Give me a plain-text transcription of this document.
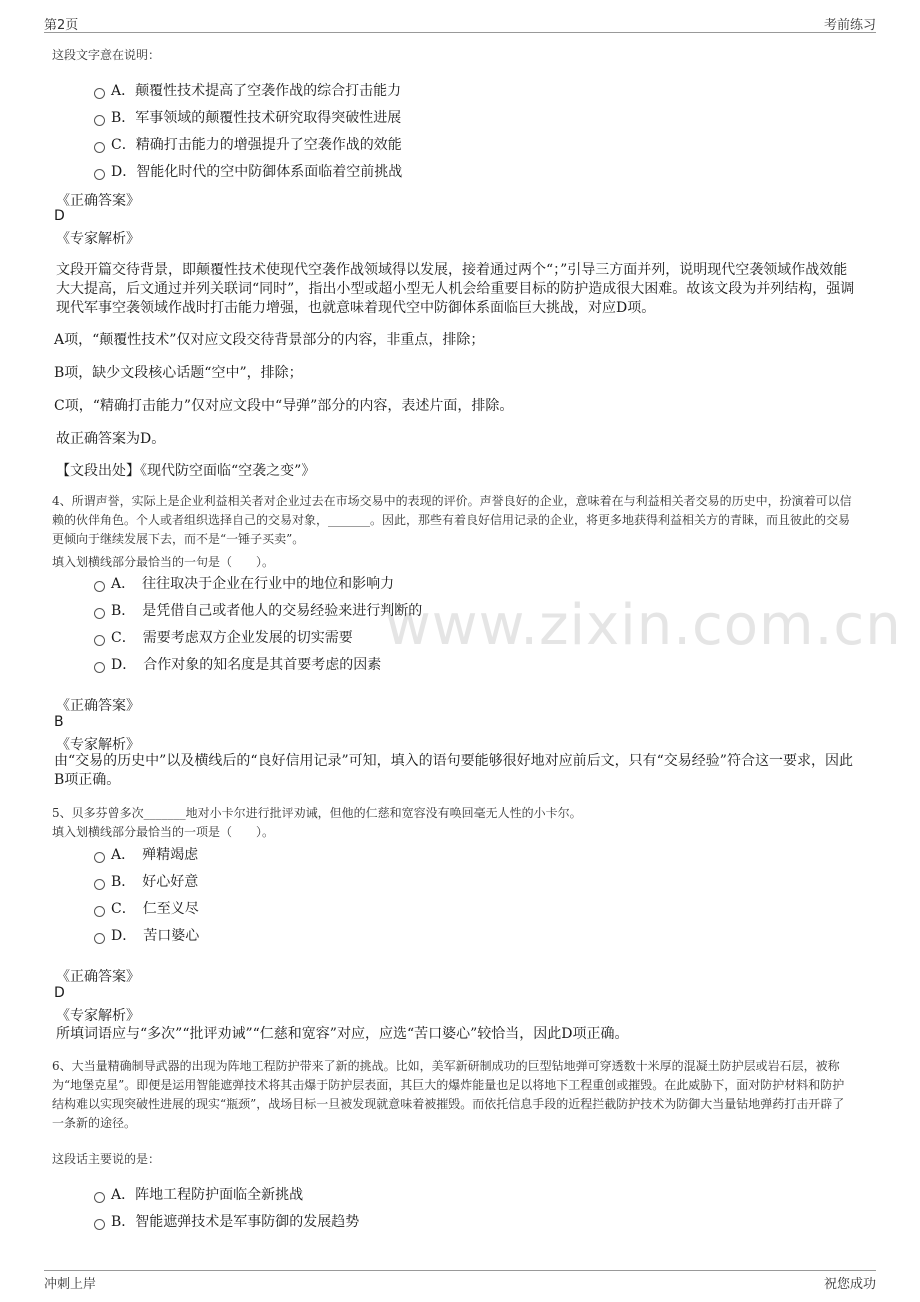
第2页	考前练习
www.zixin.com.cn
这段文字意在说明：
A．颠覆性技术提高了空袭作战的综合打击能力
B．军事领域的颠覆性技术研究取得突破性进展
C．精确打击能力的增强提升了空袭作战的效能
D．智能化时代的空中防御体系面临着空前挑战
《正确答案》
D
《专家解析》
文段开篇交待背景，即颠覆性技术使现代空袭作战领域得以发展，接着通过两个“；”引导三方面并列，说明现代空袭领域作战效能大大提高，后文通过并列关联词“同时”，指出小型或超小型无人机会给重要目标的防护造成很大困难。故该文段为并列结构，强调现代军事空袭领域作战时打击能力增强，也就意味着现代空中防御体系面临巨大挑战，对应D项。
A项，“颠覆性技术”仅对应文段交待背景部分的内容，非重点，排除；
B项，缺少文段核心话题“空中”，排除；
C项，“精确打击能力”仅对应文段中“导弹”部分的内容，表述片面，排除。
故正确答案为D。
【文段出处】《现代防空面临“空袭之变”》
4、所谓声誉，实际上是企业利益相关者对企业过去在市场交易中的表现的评价。声誉良好的企业，意味着在与利益相关者交易的历史中，扮演着可以信赖的伙伴角色。个人或者组织选择自己的交易对象，_______。因此，那些有着良好信用记录的企业，将更多地获得利益相关方的青睐，而且彼此的交易更倾向于继续发展下去，而不是“一锤子买卖”。
填入划横线部分最恰当的一句是（　　）。
A．　往往取决于企业在行业中的地位和影响力
B．　是凭借自己或者他人的交易经验来进行判断的
C．　需要考虑双方企业发展的切实需要
D．　合作对象的知名度是其首要考虑的因素
《正确答案》
B
《专家解析》
由“交易的历史中”以及横线后的“良好信用记录”可知，填入的语句要能够很好地对应前后文，只有“交易经验”符合这一要求，因此B项正确。
5、贝多芬曾多次_______地对小卡尔进行批评劝诫，但他的仁慈和宽容没有唤回毫无人性的小卡尔。
填入划横线部分最恰当的一项是（　　）。
A．　殚精竭虑
B．　好心好意
C．　仁至义尽
D．　苦口婆心
《正确答案》
D
《专家解析》
所填词语应与“多次”“批评劝诫”“仁慈和宽容”对应，应选“苦口婆心”较恰当，因此D项正确。
6、大当量精确制导武器的出现为阵地工程防护带来了新的挑战。比如，美军新研制成功的巨型钻地弹可穿透数十米厚的混凝土防护层或岩石层，被称为“地堡克星”。即便是运用智能遮弹技术将其击爆于防护层表面，其巨大的爆炸能量也足以将地下工程重创或摧毁。在此威胁下，面对防护材料和防护结构难以实现突破性进展的现实“瓶颈”，战场目标一旦被发现就意味着被摧毁。而依托信息手段的近程拦截防护技术为防御大当量钻地弹药打击开辟了一条新的途径。
这段话主要说的是：
A．阵地工程防护面临全新挑战
B．智能遮弹技术是军事防御的发展趋势
冲刺上岸	祝您成功
